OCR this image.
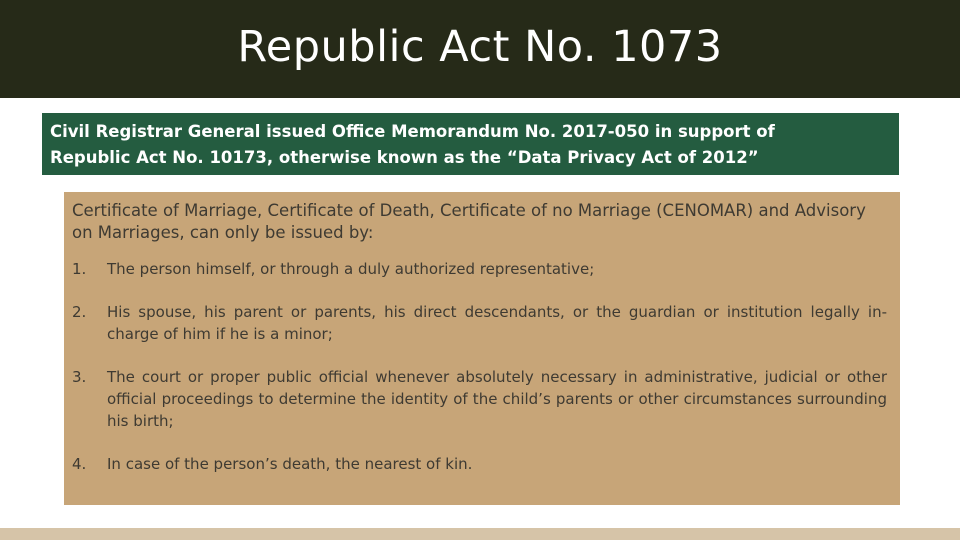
Republic Act No. 1073
Civil Registrar General issued Office Memorandum No. 2017-050 in support of
Republic Act No. 10173, otherwise known as the “Data Privacy Act of 2012”

Certificate of Marriage, Certificate of Death, Certificate of no Marriage (CENOMAR) and Advisory on Marriages, can only be issued by:

1.	The person himself, or through a duly authorized representative;
2.	His spouse, his parent or parents, his direct descendants, or the guardian or institution legally in-charge of him if he is a minor;
3.	The court or proper public official whenever absolutely necessary in administrative, judicial or other official proceedings to determine the identity of the child’s parents or other circumstances surrounding his birth;
4.	In case of the person’s death, the nearest of kin.
